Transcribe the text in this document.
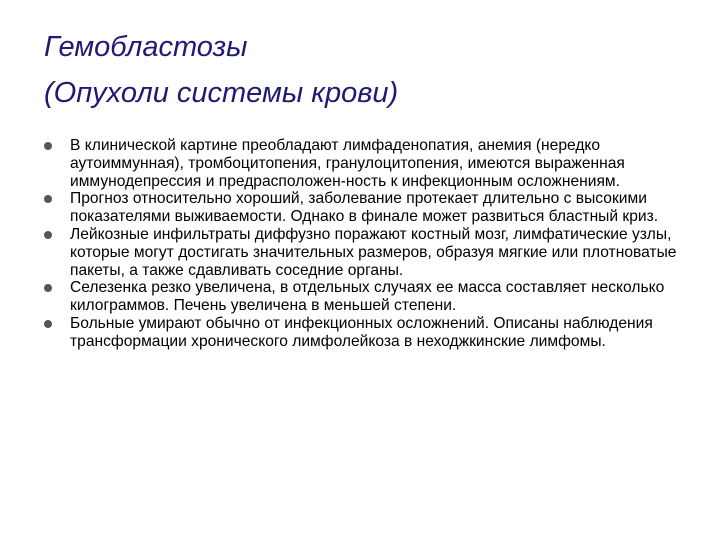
Гемобластозы
(Опухоли системы крови)
В клинической картине преобладают лимфаденопатия, анемия (нередко аутоиммунная), тромбоцитопения, гранулоцитопения, имеются выраженная иммунодепрессия и предрасположен-ность к инфекционным осложнениям.
Прогноз относительно хороший, заболевание протекает длительно с высокими показателями выживаемости. Однако в финале может развиться бластный криз.
Лейкозные инфильтраты диффузно поражают костный мозг, лимфатические узлы, которые могут достигать значительных размеров, образуя мягкие или плотноватые пакеты, а также сдавливать соседние органы.
Селезенка резко увеличена, в отдельных случаях ее масса составляет несколько килограммов. Печень увеличена в меньшей степени.
Больные умирают обычно от инфекционных осложнений. Описаны наблюдения трансформации хронического лимфолейкоза в неходжкинские лимфомы.
